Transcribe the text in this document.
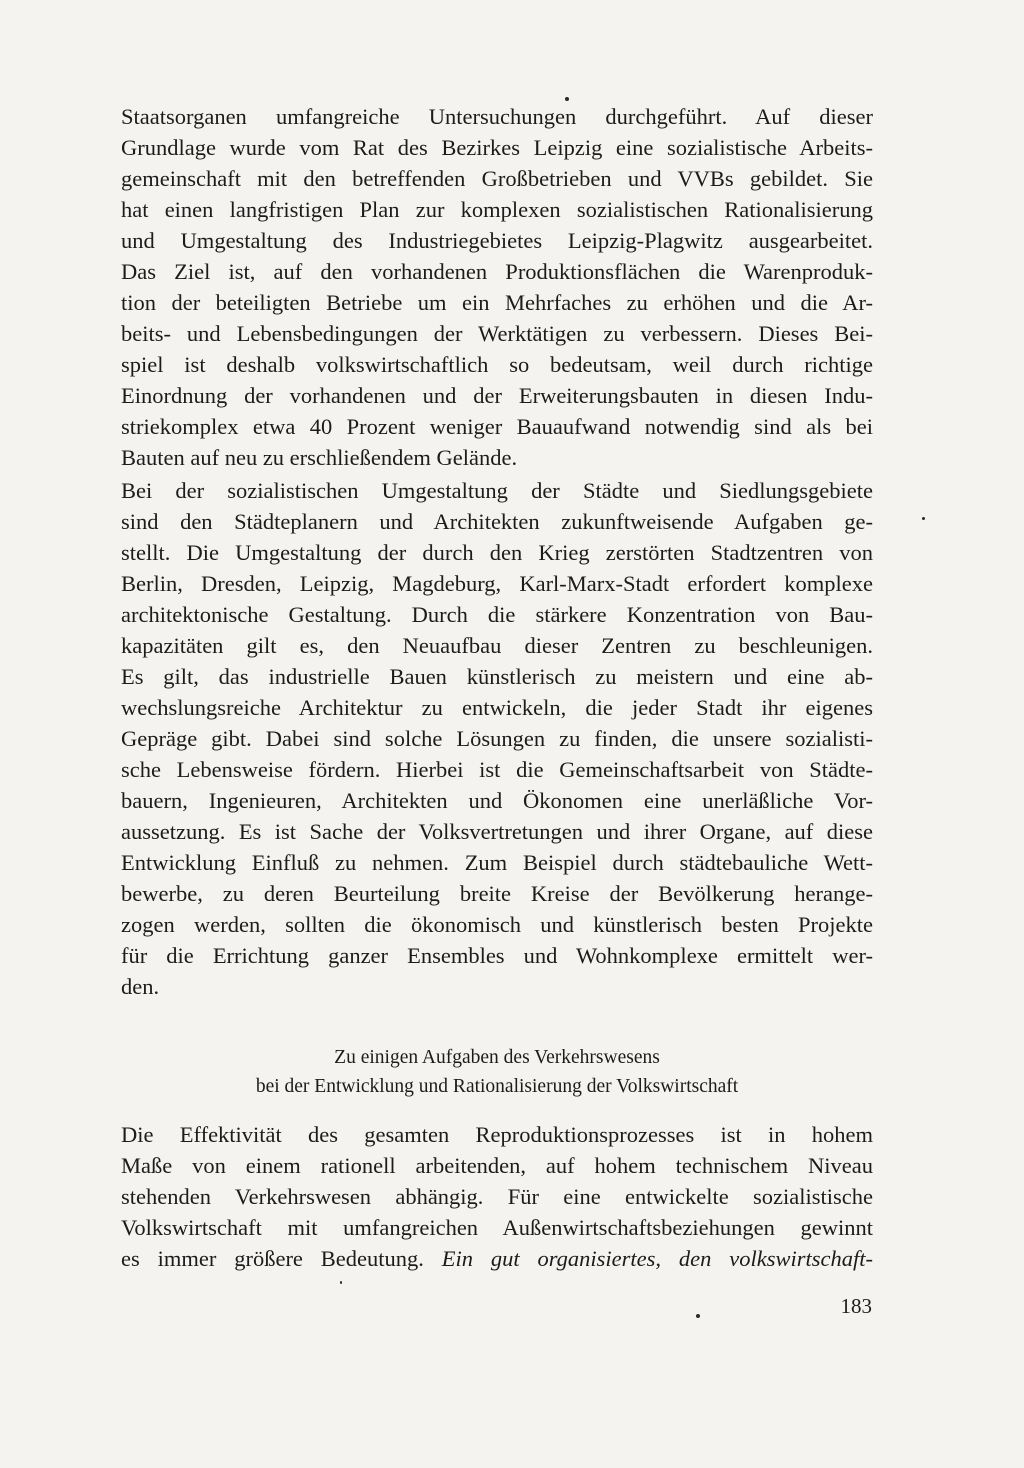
Staatsorganen umfangreiche Untersuchungen durchgeführt. Auf dieser
Grundlage wurde vom Rat des Bezirkes Leipzig eine sozialistische Arbeits-
gemeinschaft mit den betreffenden Großbetrieben und VVBs gebildet. Sie
hat einen langfristigen Plan zur komplexen sozialistischen Rationalisierung
und Umgestaltung des Industriegebietes Leipzig-Plagwitz ausgearbeitet.
Das Ziel ist, auf den vorhandenen Produktionsflächen die Warenproduk-
tion der beteiligten Betriebe um ein Mehrfaches zu erhöhen und die Ar-
beits- und Lebensbedingungen der Werktätigen zu verbessern. Dieses Bei-
spiel ist deshalb volkswirtschaftlich so bedeutsam, weil durch richtige
Einordnung der vorhandenen und der Erweiterungsbauten in diesen Indu-
striekomplex etwa 40 Prozent weniger Bauaufwand notwendig sind als bei
Bauten auf neu zu erschließendem Gelände.
Bei der sozialistischen Umgestaltung der Städte und Siedlungsgebiete
sind den Städteplanern und Architekten zukunftweisende Aufgaben ge-
stellt. Die Umgestaltung der durch den Krieg zerstörten Stadtzentren von
Berlin, Dresden, Leipzig, Magdeburg, Karl-Marx-Stadt erfordert komplexe
architektonische Gestaltung. Durch die stärkere Konzentration von Bau-
kapazitäten gilt es, den Neuaufbau dieser Zentren zu beschleunigen.
Es gilt, das industrielle Bauen künstlerisch zu meistern und eine ab-
wechslungsreiche Architektur zu entwickeln, die jeder Stadt ihr eigenes
Gepräge gibt. Dabei sind solche Lösungen zu finden, die unsere sozialisti-
sche Lebensweise fördern. Hierbei ist die Gemeinschaftsarbeit von Städte-
bauern, Ingenieuren, Architekten und Ökonomen eine unerläßliche Vor-
aussetzung. Es ist Sache der Volksvertretungen und ihrer Organe, auf diese
Entwicklung Einfluß zu nehmen. Zum Beispiel durch städtebauliche Wett-
bewerbe, zu deren Beurteilung breite Kreise der Bevölkerung herange-
zogen werden, sollten die ökonomisch und künstlerisch besten Projekte
für die Errichtung ganzer Ensembles und Wohnkomplexe ermittelt wer-
den.
Zu einigen Aufgaben des Verkehrswesens
bei der Entwicklung und Rationalisierung der Volkswirtschaft
Die Effektivität des gesamten Reproduktionsprozesses ist in hohem
Maße von einem rationell arbeitenden, auf hohem technischem Niveau
stehenden Verkehrswesen abhängig. Für eine entwickelte sozialistische
Volkswirtschaft mit umfangreichen Außenwirtschaftsbeziehungen gewinnt
es immer größere Bedeutung. Ein gut organisiertes, den volkswirtschaft-
183
